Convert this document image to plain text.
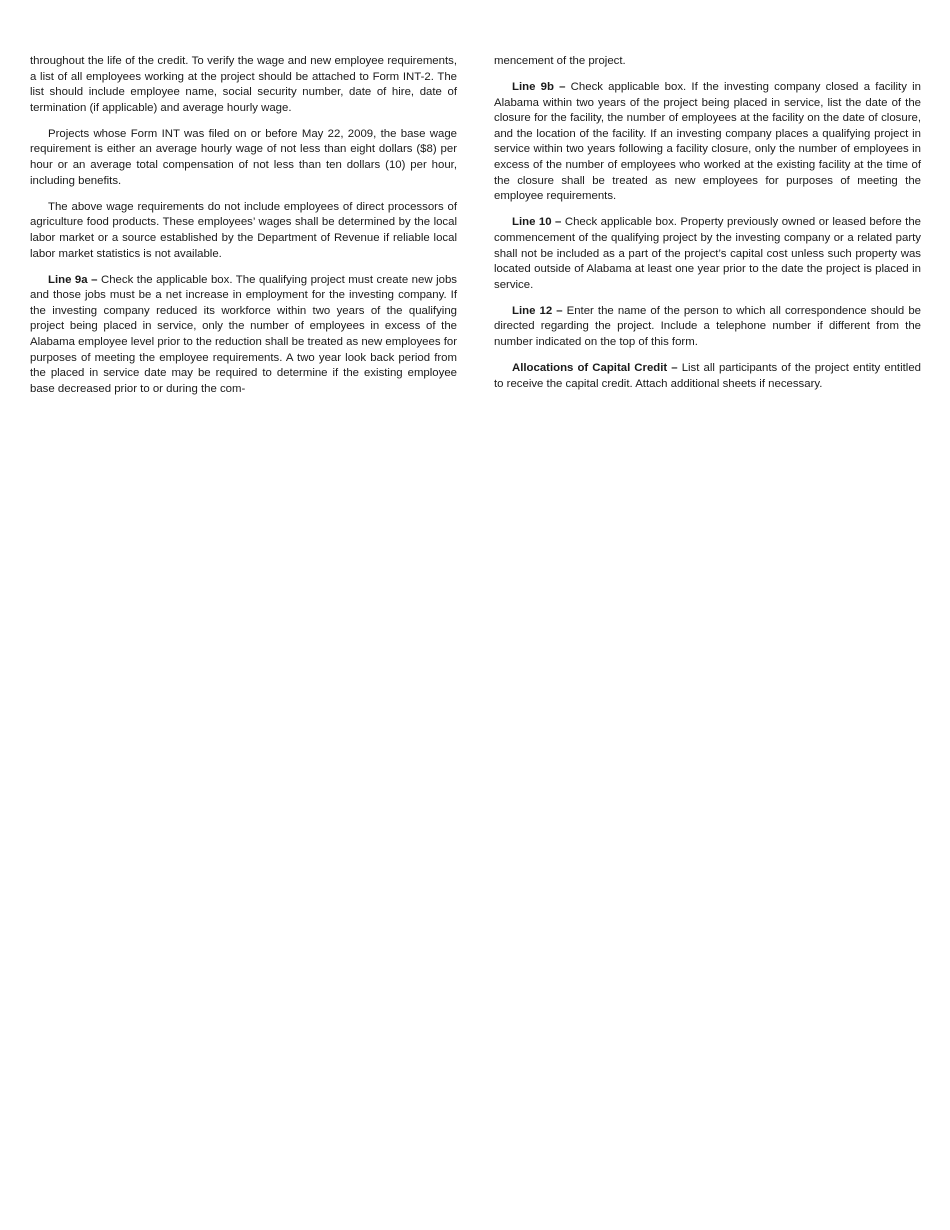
throughout the life of the credit. To verify the wage and new employee requirements, a list of all employees working at the project should be attached to Form INT-2. The list should include employee name, social security number, date of hire, date of termination (if applicable) and average hourly wage.

Projects whose Form INT was filed on or before May 22, 2009, the base wage requirement is either an average hourly wage of not less than eight dollars ($8) per hour or an average total compensation of not less than ten dollars (10) per hour, including benefits.

The above wage requirements do not include employees of direct processors of agriculture food products. These employees’ wages shall be determined by the local labor market or a source established by the Department of Revenue if reliable local labor market statistics is not available.

Line 9a – Check the applicable box. The qualifying project must create new jobs and those jobs must be a net increase in employment for the investing company. If the investing company reduced its workforce within two years of the qualifying project being placed in service, only the number of employees in excess of the Alabama employee level prior to the reduction shall be treated as new employees for purposes of meeting the employee requirements. A two year look back period from the placed in service date may be required to determine if the existing employee base decreased prior to or during the com-

mencement of the project.

Line 9b – Check applicable box. If the investing company closed a facility in Alabama within two years of the project being placed in service, list the date of the closure for the facility, the number of employees at the facility on the date of closure, and the location of the facility. If an investing company places a qualifying project in service within two years following a facility closure, only the number of employees in excess of the number of employees who worked at the existing facility at the time of the closure shall be treated as new employees for purposes of meeting the employee requirements.

Line 10 – Check applicable box. Property previously owned or leased before the commencement of the qualifying project by the investing company or a related party shall not be included as a part of the project’s capital cost unless such property was located outside of Alabama at least one year prior to the date the project is placed in service.

Line 12 – Enter the name of the person to which all correspondence should be directed regarding the project. Include a telephone number if different from the number indicated on the top of this form.

Allocations of Capital Credit – List all participants of the project entity entitled to receive the capital credit. Attach additional sheets if necessary.
